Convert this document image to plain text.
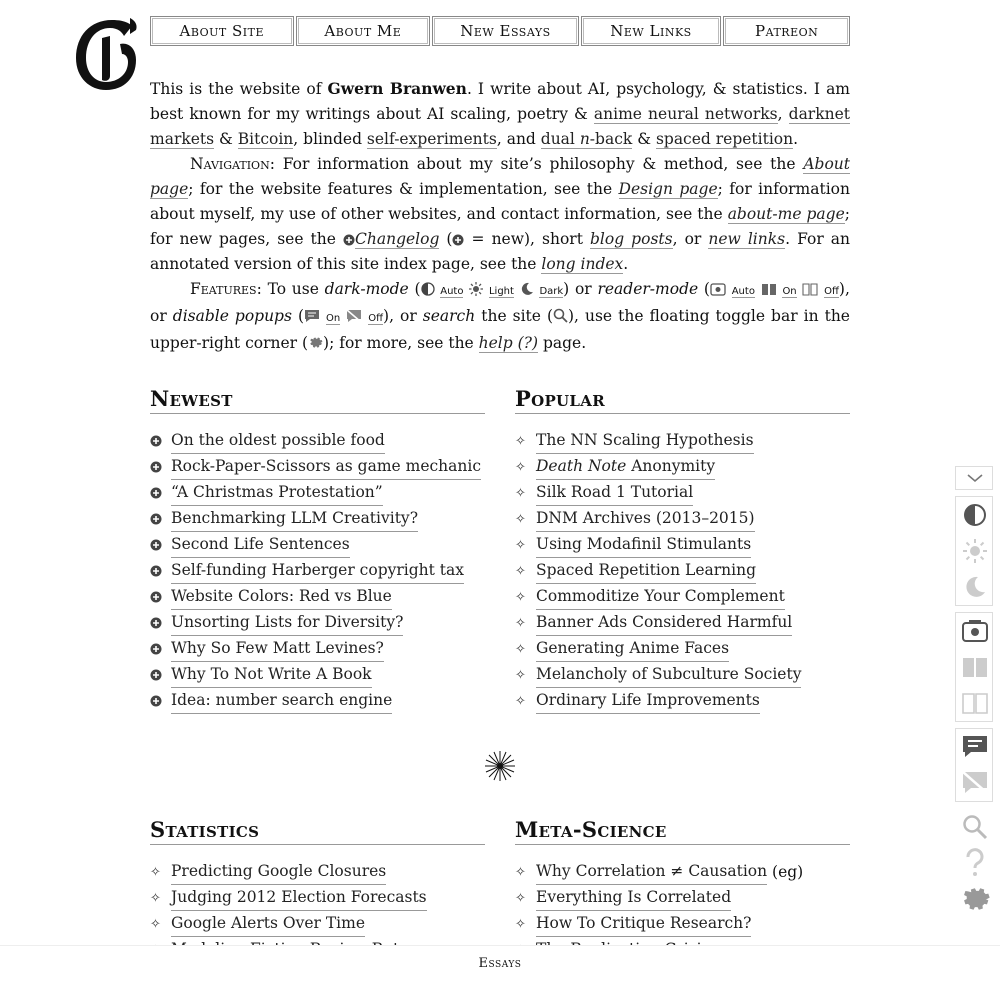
About Site	About Me	New Essays	New Links	Patreon

This is the website of Gwern Branwen. I write about AI, psychology, & statistics. I am best known for my writings about AI scaling, poetry & anime neural networks, darknet markets & Bitcoin, blinded self-experiments, and dual n-back & spaced repetition.

Navigation: For information about my site’s philosophy & method, see the About page; for the website features & implementation, see the Design page; for information about myself, my use of other websites, and contact information, see the about-me page; for new pages, see the Changelog ( = new), short blog posts, or new links. For an annotated version of this site index page, see the long index.

Features: To use dark-mode ( Auto	Light	Dark) or reader-mode ( Auto	On	Off), or disable popups ( On	Off), or search the site ( ), use the floating toggle bar in the upper-right corner ( ); for more, see the help (?) page.

Newest
On the oldest possible food
Rock-Paper-Scissors as game mechanic
“A Christmas Protestation”
Benchmarking LLM Creativity?
Second Life Sentences
Self-funding Harberger copyright tax
Website Colors: Red vs Blue
Unsorting Lists for Diversity?
Why So Few Matt Levines?
Why To Not Write A Book
Idea: number search engine
Popular
✧ The NN Scaling Hypothesis
✧ Death Note Anonymity
✧ Silk Road 1 Tutorial
✧ DNM Archives (2013–2015)
✧ Using Modafinil Stimulants
✧ Spaced Repetition Learning
✧ Commoditize Your Complement
✧ Banner Ads Considered Harmful
✧ Generating Anime Faces
✧ Melancholy of Subculture Society
✧ Ordinary Life Improvements
Statistics
✧ Predicting Google Closures
✧ Judging 2012 Election Forecasts
✧ Google Alerts Over Time
Meta-Science
✧ Why Correlation ≠ Causation (eg)
✧ Everything Is Correlated
✧ How To Critique Research?
Essays
